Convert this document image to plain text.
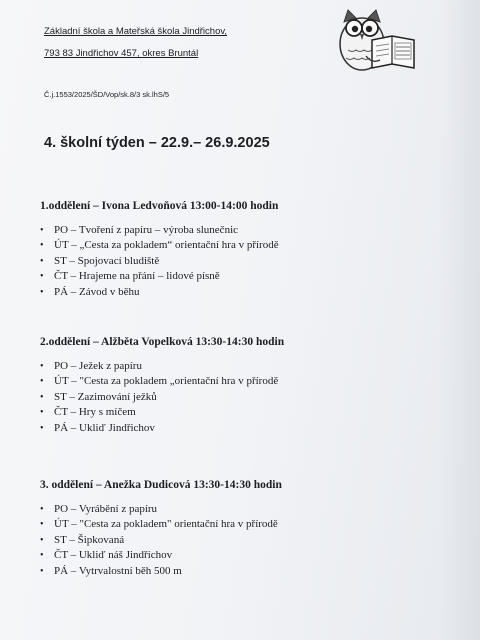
Základní škola a Mateřská škola Jindřichov,
793 83 Jindřichov 457, okres Bruntál
Č.j.1553/2025/ŠD/Vop/sk.8/3 sk.lhS/5
4. školní týden – 22.9.– 26.9.2025
1.oddělení – Ivona Ledvoňová 13:00-14:00 hodin
• PO – Tvoření z papíru – výroba slunečnic
• ÚT – „Cesta za pokladem“ orientační hra v přírodě
• ST – Spojovací bludiště
• ČT – Hrajeme na přání – lidové písně
• PÁ – Závod v běhu
2.oddělení – Alžběta Vopelková 13:30-14:30 hodin
• PO – Ježek z papíru
• ÚT – "Cesta za pokladem „orientační hra v přírodě
• ST – Zazimování ježků
• ČT – Hry s míčem
• PÁ – Ukliď Jindřichov
3. oddělení – Anežka Dudicová 13:30-14:30 hodin
• PO – Vyrábění z papíru
• ÚT – "Cesta za pokladem" orientační hra v přírodě
• ST – Šipkovaná
• ČT – Ukliď náš Jindřichov
• PÁ – Vytrvalostní běh 500 m
